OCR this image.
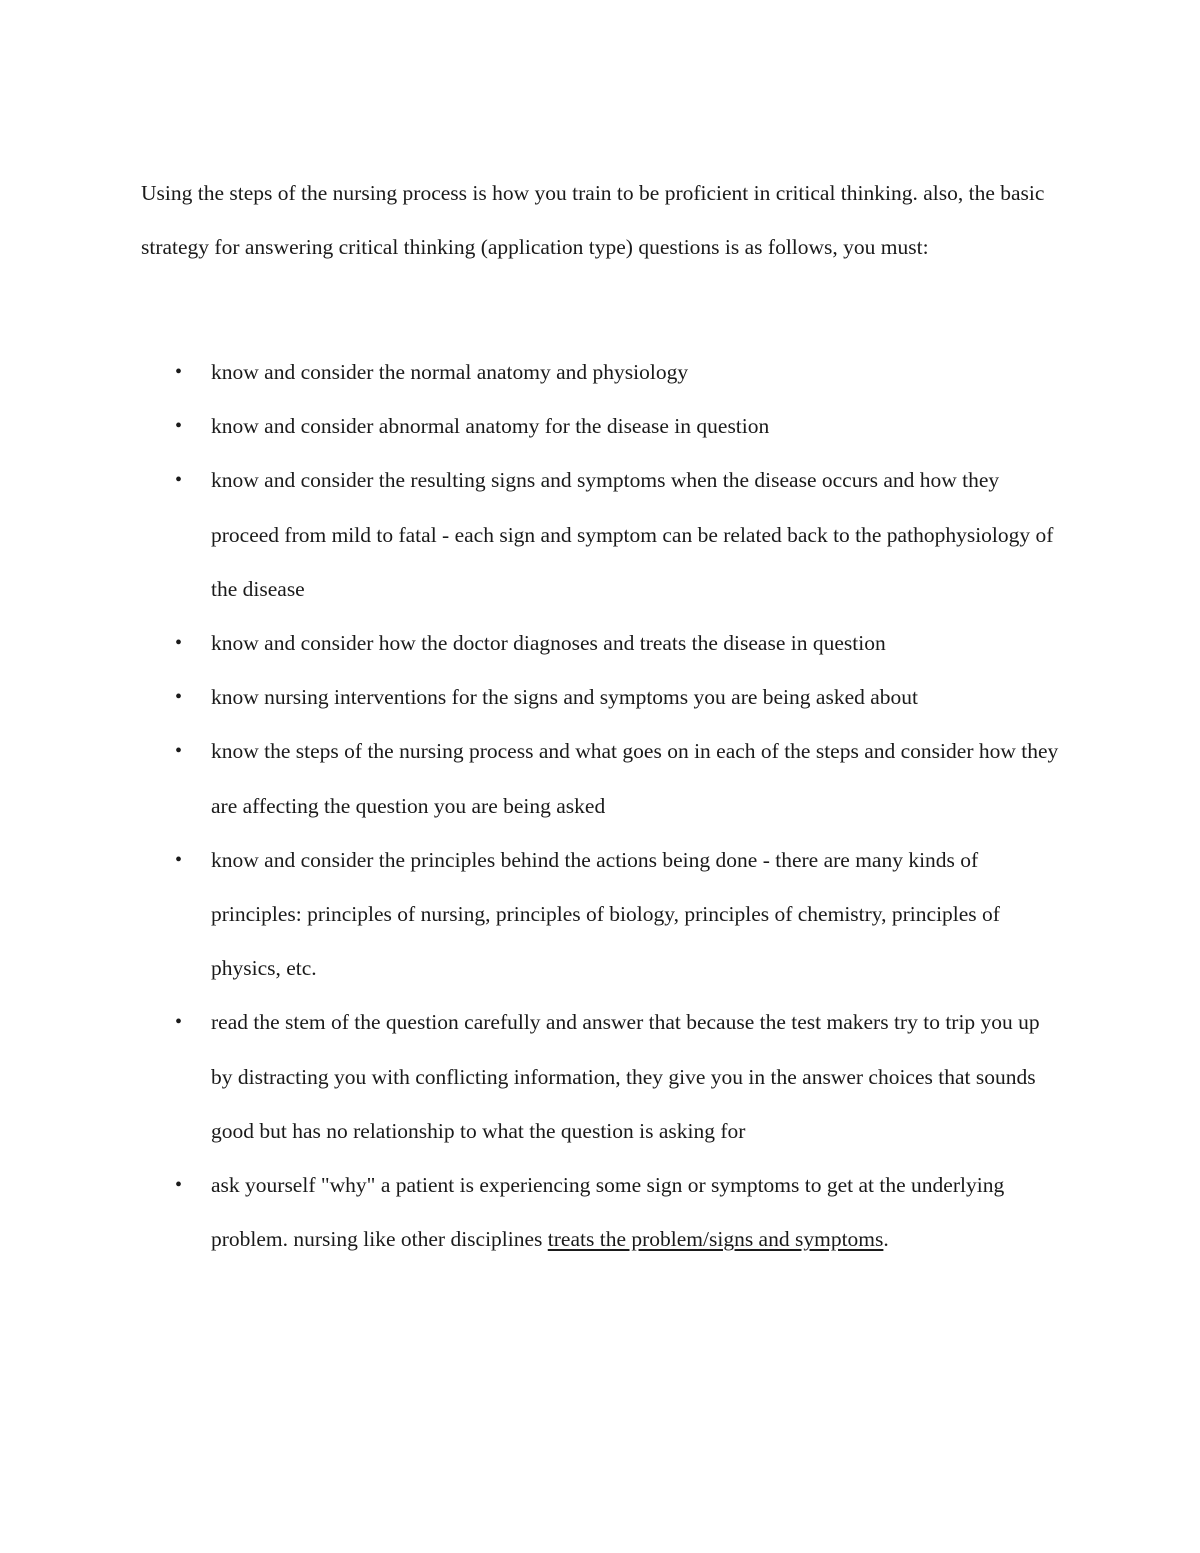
Using the steps of the nursing process is how you train to be proficient in critical thinking. also, the basic strategy for answering critical thinking (application type) questions is as follows, you must:

• know and consider the normal anatomy and physiology
• know and consider abnormal anatomy for the disease in question
• know and consider the resulting signs and symptoms when the disease occurs and how they proceed from mild to fatal - each sign and symptom can be related back to the pathophysiology of the disease
• know and consider how the doctor diagnoses and treats the disease in question
• know nursing interventions for the signs and symptoms you are being asked about
• know the steps of the nursing process and what goes on in each of the steps and consider how they are affecting the question you are being asked
• know and consider the principles behind the actions being done - there are many kinds of principles: principles of nursing, principles of biology, principles of chemistry, principles of physics, etc.
• read the stem of the question carefully and answer that because the test makers try to trip you up by distracting you with conflicting information, they give you in the answer choices that sounds good but has no relationship to what the question is asking for
• ask yourself "why" a patient is experiencing some sign or symptoms to get at the underlying problem. nursing like other disciplines treats the problem/signs and symptoms.
